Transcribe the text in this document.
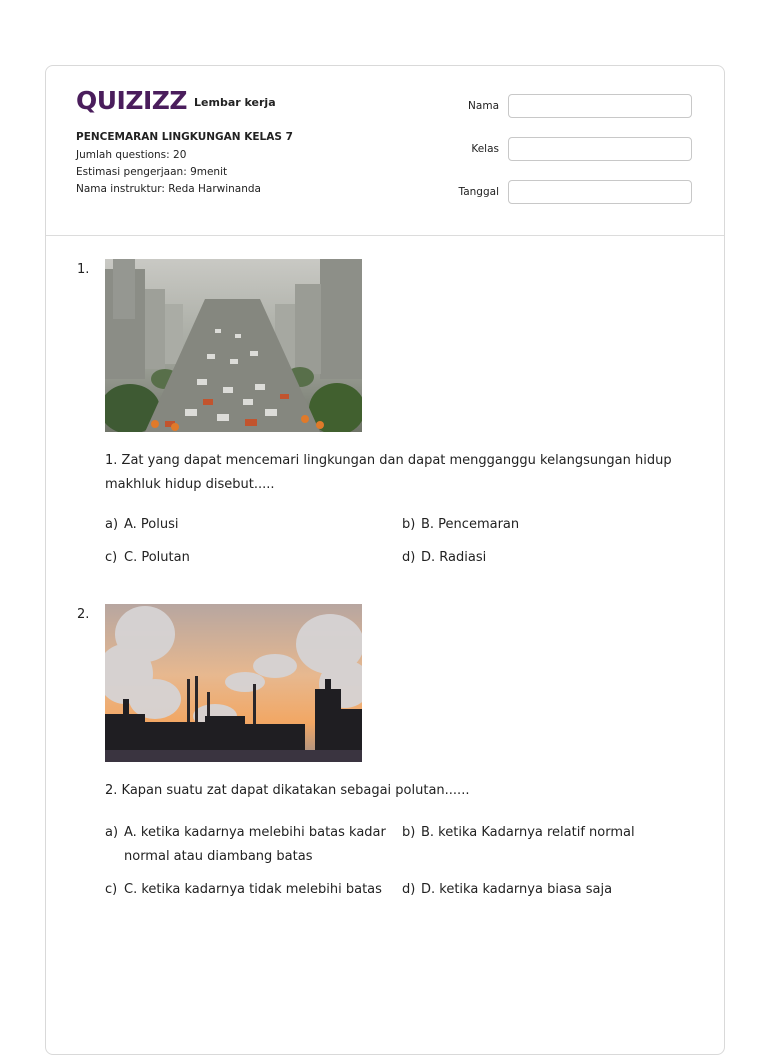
QUIZIZZ Lembar kerja
PENCEMARAN LINGKUNGAN KELAS 7
Jumlah questions: 20
Estimasi pengerjaan: 9menit
Nama instruktur: Reda Harwinanda
Nama
Kelas
Tanggal
1.
1. Zat yang dapat mencemari lingkungan dan dapat mengganggu kelangsungan hidup makhluk hidup disebut.....
a) A. Polusi	b) B. Pencemaran
c) C. Polutan	d) D. Radiasi
2.
2. Kapan suatu zat dapat dikatakan sebagai polutan......
a) A. ketika kadarnya melebihi batas kadar normal atau diambang batas
b) B. ketika Kadarnya relatif normal
c) C. ketika kadarnya tidak melebihi batas	d) D. ketika kadarnya biasa saja
